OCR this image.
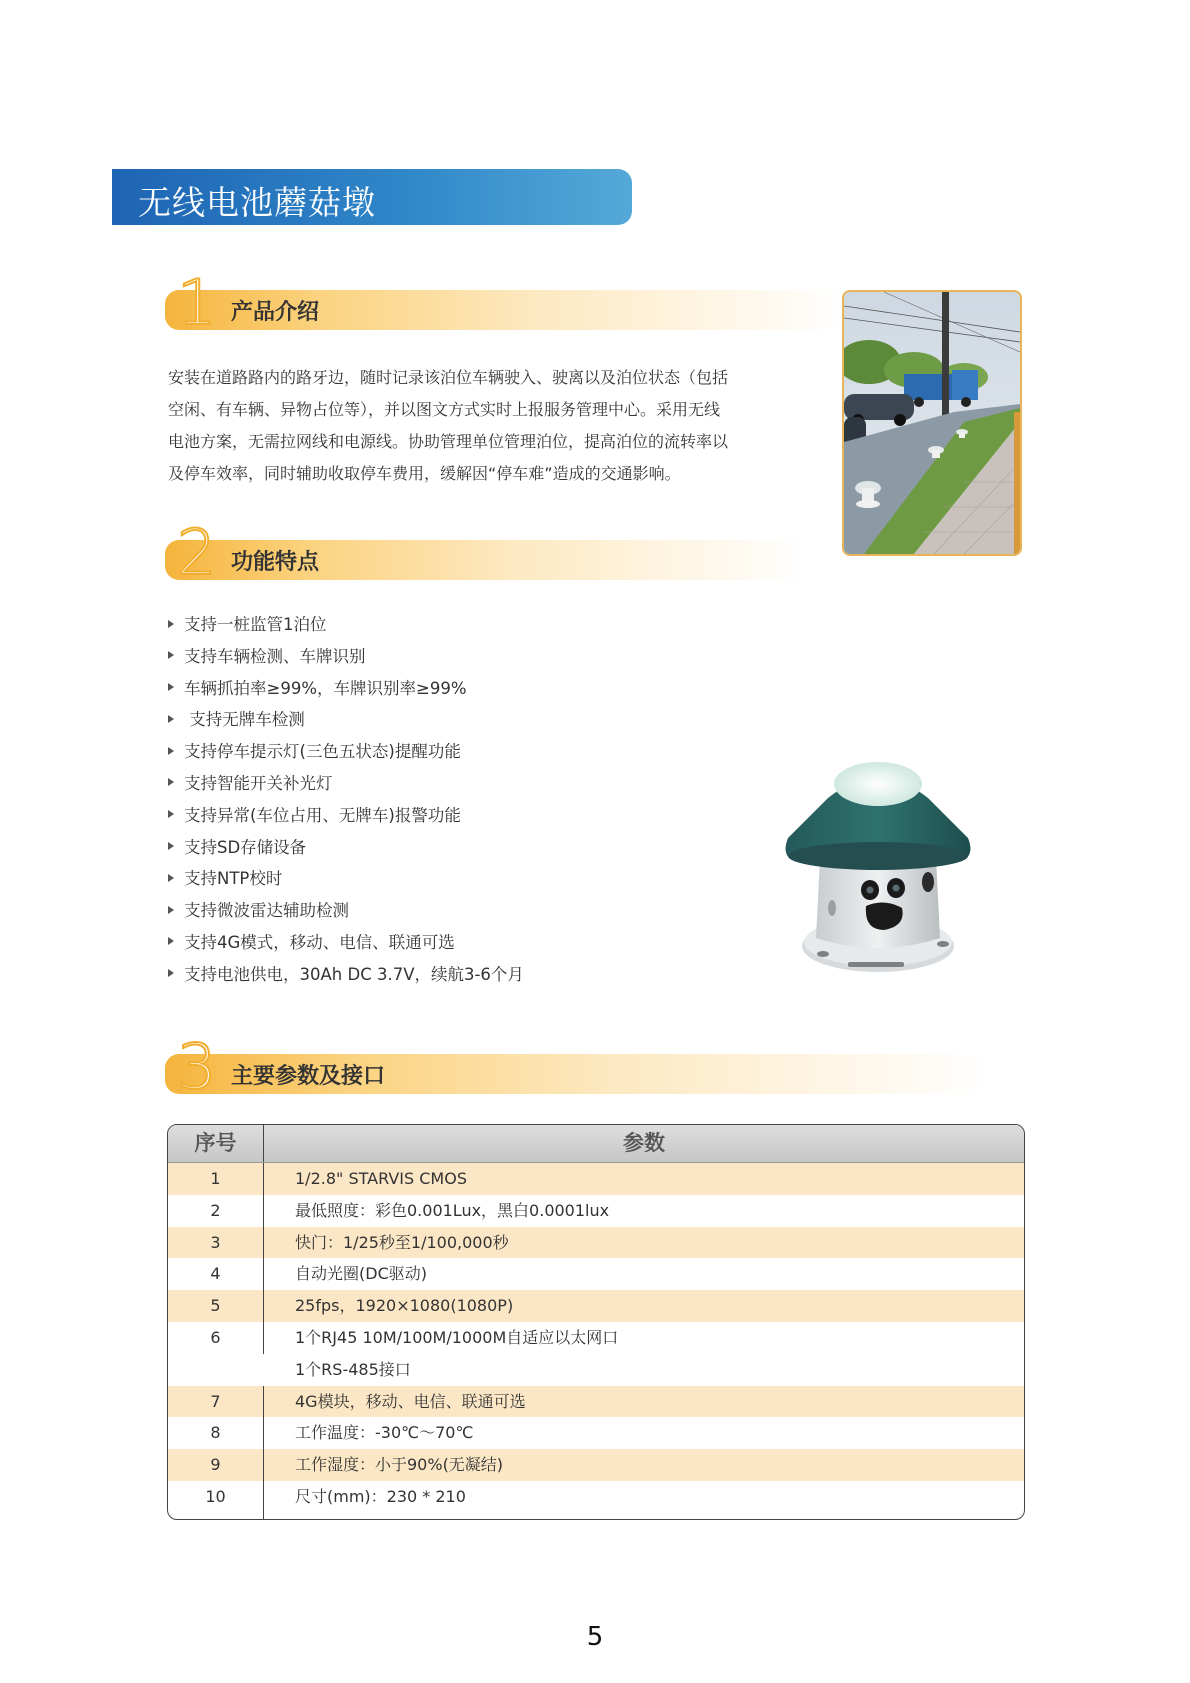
无线电池蘑菇墩
1 产品介绍
安装在道路路内的路牙边，随时记录该泊位车辆驶入、驶离以及泊位状态（包括
空闲、有车辆、异物占位等），并以图文方式实时上报服务管理中心。采用无线
电池方案，无需拉网线和电源线。协助管理单位管理泊位，提高泊位的流转率以
及停车效率，同时辅助收取停车费用，缓解因“停车难”造成的交通影响。
2 功能特点
支持一桩监管1泊位
支持车辆检测、车牌识别
车辆抓拍率≥99%，车牌识别率≥99%
支持无牌车检测
支持停车提示灯(三色五状态)提醒功能
支持智能开关补光灯
支持异常(车位占用、无牌车)报警功能
支持SD存储设备
支持NTP校时
支持微波雷达辅助检测
支持4G模式，移动、电信、联通可选
支持电池供电，30Ah DC 3.7V，续航3-6个月
3 主要参数及接口
序号	参数
1	1/2.8" STARVIS CMOS
2	最低照度：彩色0.001Lux，黑白0.0001lux
3	快门：1/25秒至1/100,000秒
4	自动光圈(DC驱动)
5	25fps，1920×1080(1080P)
6	1个RJ45 10M/100M/1000M自适应以太网口
1个RS-485接口
7	4G模块，移动、电信、联通可选
8	工作温度：-30℃～70℃
9	工作湿度：小于90%(无凝结)
10	尺寸(mm)：230 * 210
5
